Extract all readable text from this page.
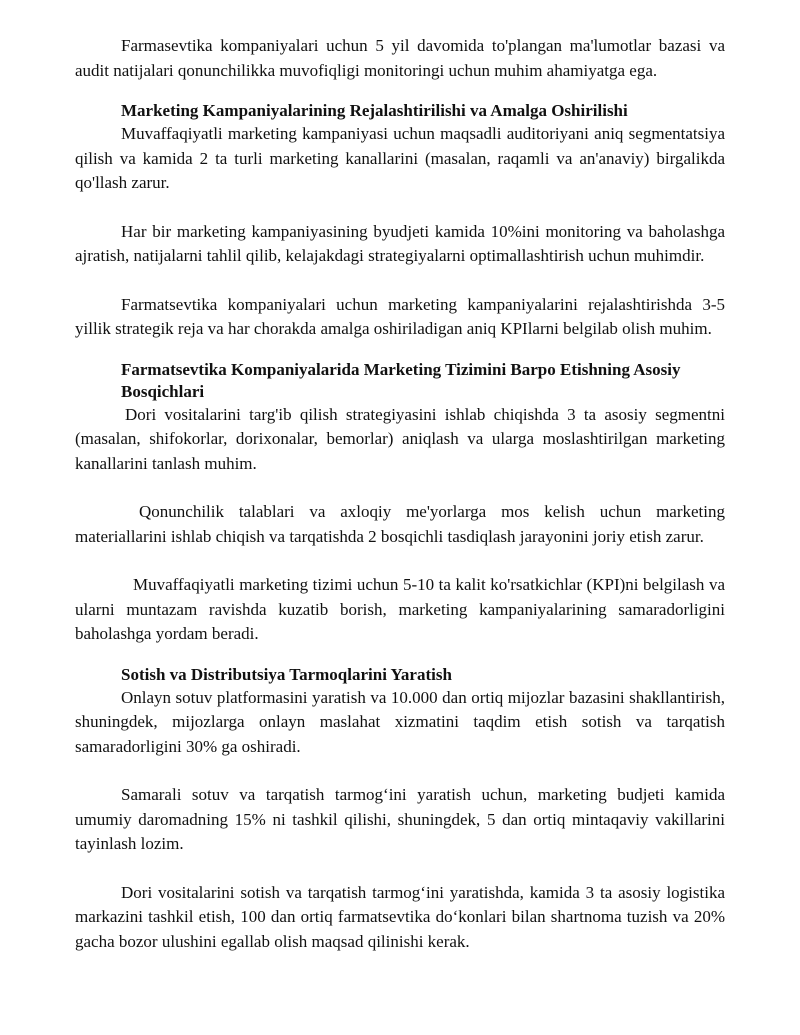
Farmasevtika kompaniyalari uchun 5 yil davomida to'plangan ma'lumotlar bazasi va audit natijalari qonunchilikka muvofiqligi monitoringi uchun muhim ahamiyatga ega.

Marketing Kampaniyalarining Rejalashtirilishi va Amalga Oshirilishi

Muvaffaqiyatli marketing kampaniyasi uchun maqsadli auditoriyani aniq segmentatsiya qilish va kamida 2 ta turli marketing kanallarini (masalan, raqamli va an'anaviy) birgalikda qo'llash zarur.

Har bir marketing kampaniyasining byudjeti kamida 10%ini monitoring va baholashga ajratish, natijalarni tahlil qilib, kelajakdagi strategiyalarni optimallashtirish uchun muhimdir.

Farmatsevtika kompaniyalari uchun marketing kampaniyalarini rejalashtirishda 3-5 yillik strategik reja va har chorakda amalga oshiriladigan aniq KPIlarni belgilab olish muhim.

Farmatsevtika Kompaniyalarida Marketing Tizimini Barpo Etishning Asosiy Bosqichlari

Dori vositalarini targ'ib qilish strategiyasini ishlab chiqishda 3 ta asosiy segmentni (masalan, shifokorlar, dorixonalar, bemorlar) aniqlash va ularga moslashtirilgan marketing kanallarini tanlash muhim.

Qonunchilik talablari va axloqiy me'yorlarga mos kelish uchun marketing materiallarini ishlab chiqish va tarqatishda 2 bosqichli tasdiqlash jarayonini joriy etish zarur.

Muvaffaqiyatli marketing tizimi uchun 5-10 ta kalit ko'rsatkichlar (KPI)ni belgilash va ularni muntazam ravishda kuzatib borish, marketing kampaniyalarining samaradorligini baholashga yordam beradi.

Sotish va Distributsiya Tarmoqlarini Yaratish

Onlayn sotuv platformasini yaratish va 10.000 dan ortiq mijozlar bazasini shakllantirish, shuningdek, mijozlarga onlayn maslahat xizmatini taqdim etish sotish va tarqatish samaradorligini 30% ga oshiradi.

Samarali sotuv va tarqatish tarmog‘ini yaratish uchun, marketing budjeti kamida umumiy daromadning 15% ni tashkil qilishi, shuningdek, 5 dan ortiq mintaqaviy vakillarini tayinlash lozim.

Dori vositalarini sotish va tarqatish tarmog‘ini yaratishda, kamida 3 ta asosiy logistika markazini tashkil etish, 100 dan ortiq farmatsevtika do‘konlari bilan shartnoma tuzish va 20% gacha bozor ulushini egallab olish maqsad qilinishi kerak.
